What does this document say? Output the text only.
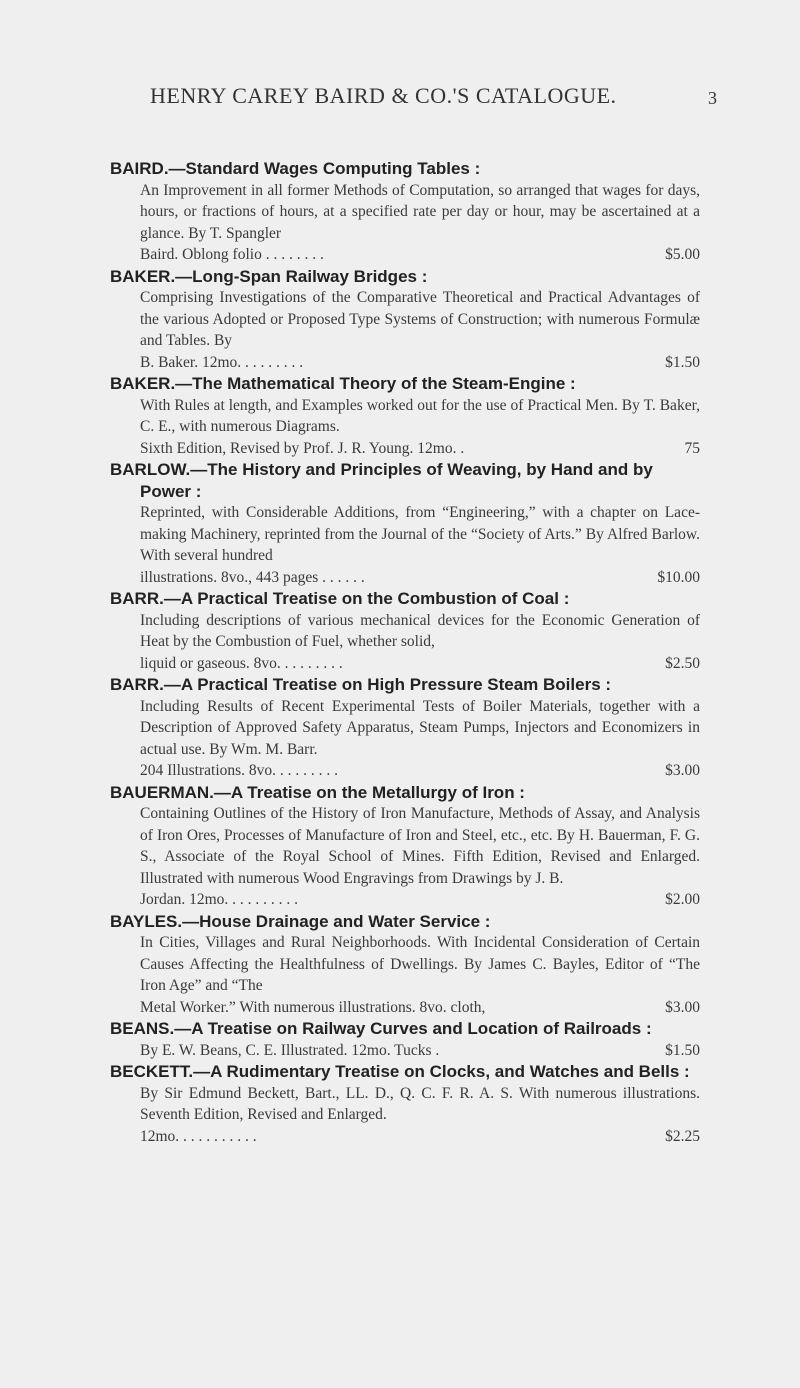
HENRY CAREY BAIRD & CO.'S CATALOGUE.	3
BAIRD.—Standard Wages Computing Tables :
An Improvement in all former Methods of Computation, so arranged that wages for days, hours, or fractions of hours, at a specified rate per day or hour, may be ascertained at a glance. By T. Spangler
Baird. Oblong folio . . . . . . . .	$5.00
BAKER.—Long-Span Railway Bridges :
Comprising Investigations of the Comparative Theoretical and Practical Advantages of the various Adopted or Proposed Type Systems of Construction; with numerous Formulæ and Tables. By
B. Baker. 12mo. . . . . . . . .	$1.50
BAKER.—The Mathematical Theory of the Steam-Engine :
With Rules at length, and Examples worked out for the use of Practical Men. By T. Baker, C. E., with numerous Diagrams.
Sixth Edition, Revised by Prof. J. R. Young. 12mo. .	75
BARLOW.—The History and Principles of Weaving, by Hand and by Power :
Reprinted, with Considerable Additions, from “Engineering,” with a chapter on Lace-making Machinery, reprinted from the Journal of the “Society of Arts.” By Alfred Barlow. With several hundred
illustrations. 8vo., 443 pages . . . . . .	$10.00
BARR.—A Practical Treatise on the Combustion of Coal :
Including descriptions of various mechanical devices for the Economic Generation of Heat by the Combustion of Fuel, whether solid,
liquid or gaseous. 8vo. . . . . . . . .	$2.50
BARR.—A Practical Treatise on High Pressure Steam Boilers :
Including Results of Recent Experimental Tests of Boiler Materials, together with a Description of Approved Safety Apparatus, Steam Pumps, Injectors and Economizers in actual use. By Wm. M. Barr.
204 Illustrations. 8vo. . . . . . . . .	$3.00
BAUERMAN.—A Treatise on the Metallurgy of Iron :
Containing Outlines of the History of Iron Manufacture, Methods of Assay, and Analysis of Iron Ores, Processes of Manufacture of Iron and Steel, etc., etc. By H. Bauerman, F. G. S., Associate of the Royal School of Mines. Fifth Edition, Revised and Enlarged. Illustrated with numerous Wood Engravings from Drawings by J. B.
Jordan. 12mo. . . . . . . . . .	$2.00
BAYLES.—House Drainage and Water Service :
In Cities, Villages and Rural Neighborhoods. With Incidental Consideration of Certain Causes Affecting the Healthfulness of Dwellings. By James C. Bayles, Editor of “The Iron Age” and “The
Metal Worker.” With numerous illustrations. 8vo. cloth,	$3.00
BEANS.—A Treatise on Railway Curves and Location of Railroads :
By E. W. Beans, C. E. Illustrated. 12mo. Tucks .	$1.50
BECKETT.—A Rudimentary Treatise on Clocks, and Watches and Bells :
By Sir Edmund Beckett, Bart., LL. D., Q. C. F. R. A. S. With numerous illustrations. Seventh Edition, Revised and Enlarged.
12mo. . . . . . . . . . .	$2.25
